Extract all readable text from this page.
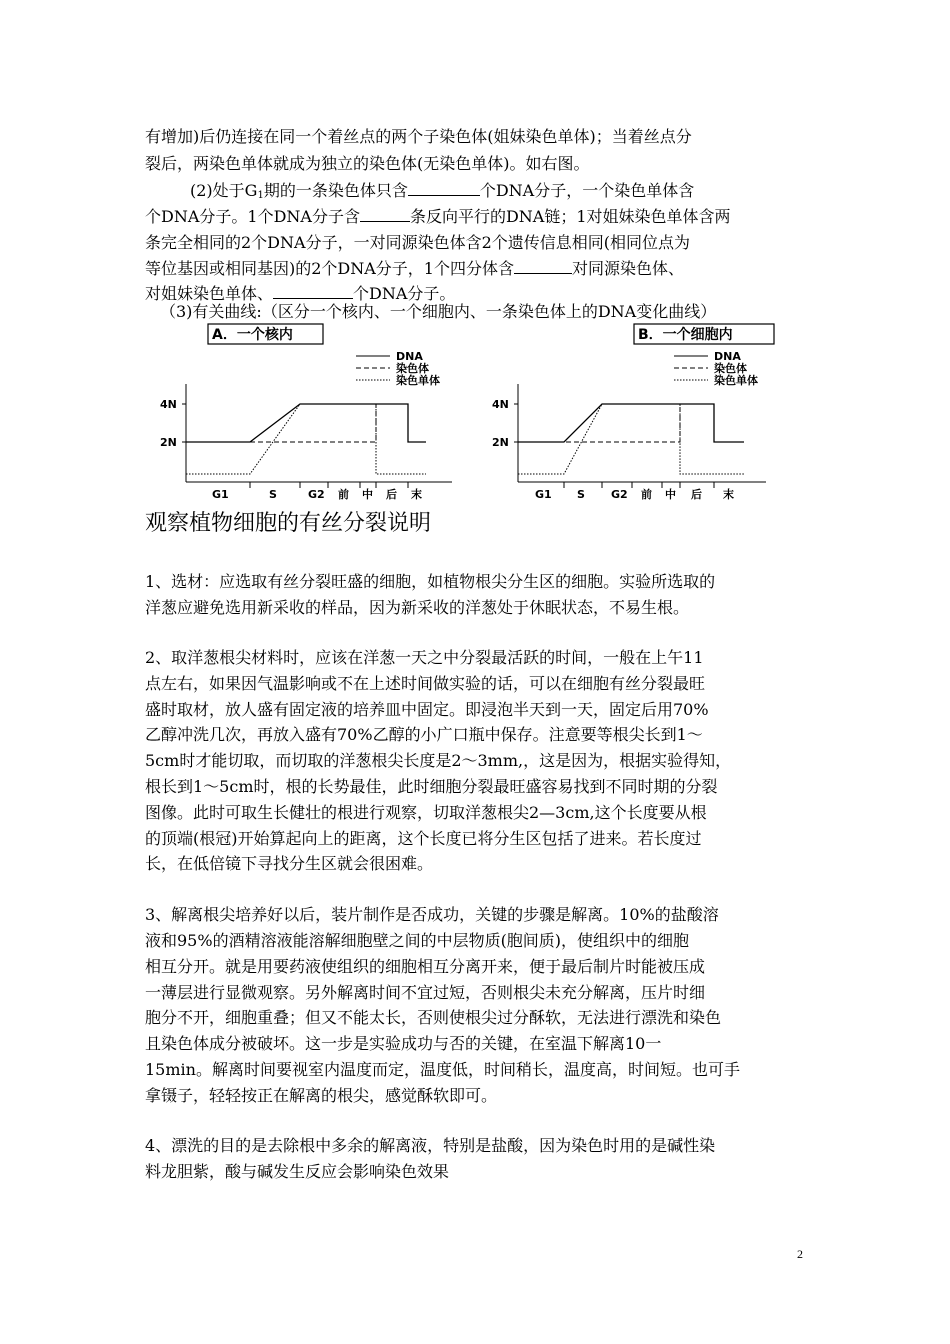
有增加)后仍连接在同一个着丝点的两个子染色体(姐妹染色单体)；当着丝点分
裂后，两染色单体就成为独立的染色体(无染色单体)。如右图。
(2)处于$G_1$期的一条染色体只含	个DNA分子，一个染色单体含
个DNA分子。1个DNA分子含	条反向平行的DNA链；1对姐妹染色单体含两
条完全相同的2个DNA分子，一对同源染色体含2个遗传信息相同(相同位点为
等位基因或相同基因)的2个DNA分子，1个四分体含	对同源染色体、
对姐妹染色单体、	个DNA分子。
（3)有关曲线:（区分一个核内、一个细胞内、一条染色体上的DNA变化曲线）
A．一个核内
2N
4N
G1	S	G2 前 中 后 末
DNA
染色体
染色单体
B．一个细胞内
2N
4N
G1 S G2 前 中 后 末
DNA
染色体
染色单体
观察植物细胞的有丝分裂说明
1、选材：应选取有丝分裂旺盛的细胞，如植物根尖分生区的细胞。实验所选取的
洋葱应避免选用新采收的样品，因为新采收的洋葱处于休眠状态，不易生根。
2、取洋葱根尖材料时，应该在洋葱一天之中分裂最活跃的时间，一般在上午11
点左右，如果因气温影响或不在上述时间做实验的话，可以在细胞有丝分裂最旺
盛时取材，放人盛有固定液的培养皿中固定。即浸泡半天到一天，固定后用70%
乙醇冲洗几次，再放入盛有70%乙醇的小广口瓶中保存。注意要等根尖长到1～
5cm时才能切取，而切取的洋葱根尖长度是2～3mm,，这是因为，根据实验得知，
根长到1～5cm时，根的长势最佳，此时细胞分裂最旺盛容易找到不同时期的分裂
图像。此时可取生长健壮的根进行观察，切取洋葱根尖2—3cm,这个长度要从根
的顶端(根冠)开始算起向上的距离，这个长度已将分生区包括了进来。若长度过
长，在低倍镜下寻找分生区就会很困难。
3、解离根尖培养好以后，装片制作是否成功，关键的步骤是解离。10%的盐酸溶
液和95%的酒精溶液能溶解细胞壁之间的中层物质(胞间质)，使组织中的细胞
相互分开。就是用要药液使组织的细胞相互分离开来，便于最后制片时能被压成
一薄层进行显微观察。另外解离时间不宜过短，否则根尖未充分解离，压片时细
胞分不开，细胞重叠；但又不能太长，否则使根尖过分酥软，无法进行漂洗和染色
且染色体成分被破坏。这一步是实验成功与否的关键，在室温下解离10一
15min。解离时间要视室内温度而定，温度低，时间稍长，温度高，时间短。也可手
拿镊子，轻轻按正在解离的根尖，感觉酥软即可。
4、漂洗的目的是去除根中多余的解离液，特别是盐酸，因为染色时用的是碱性染
料龙胆紫，酸与碱发生反应会影响染色效果
2
